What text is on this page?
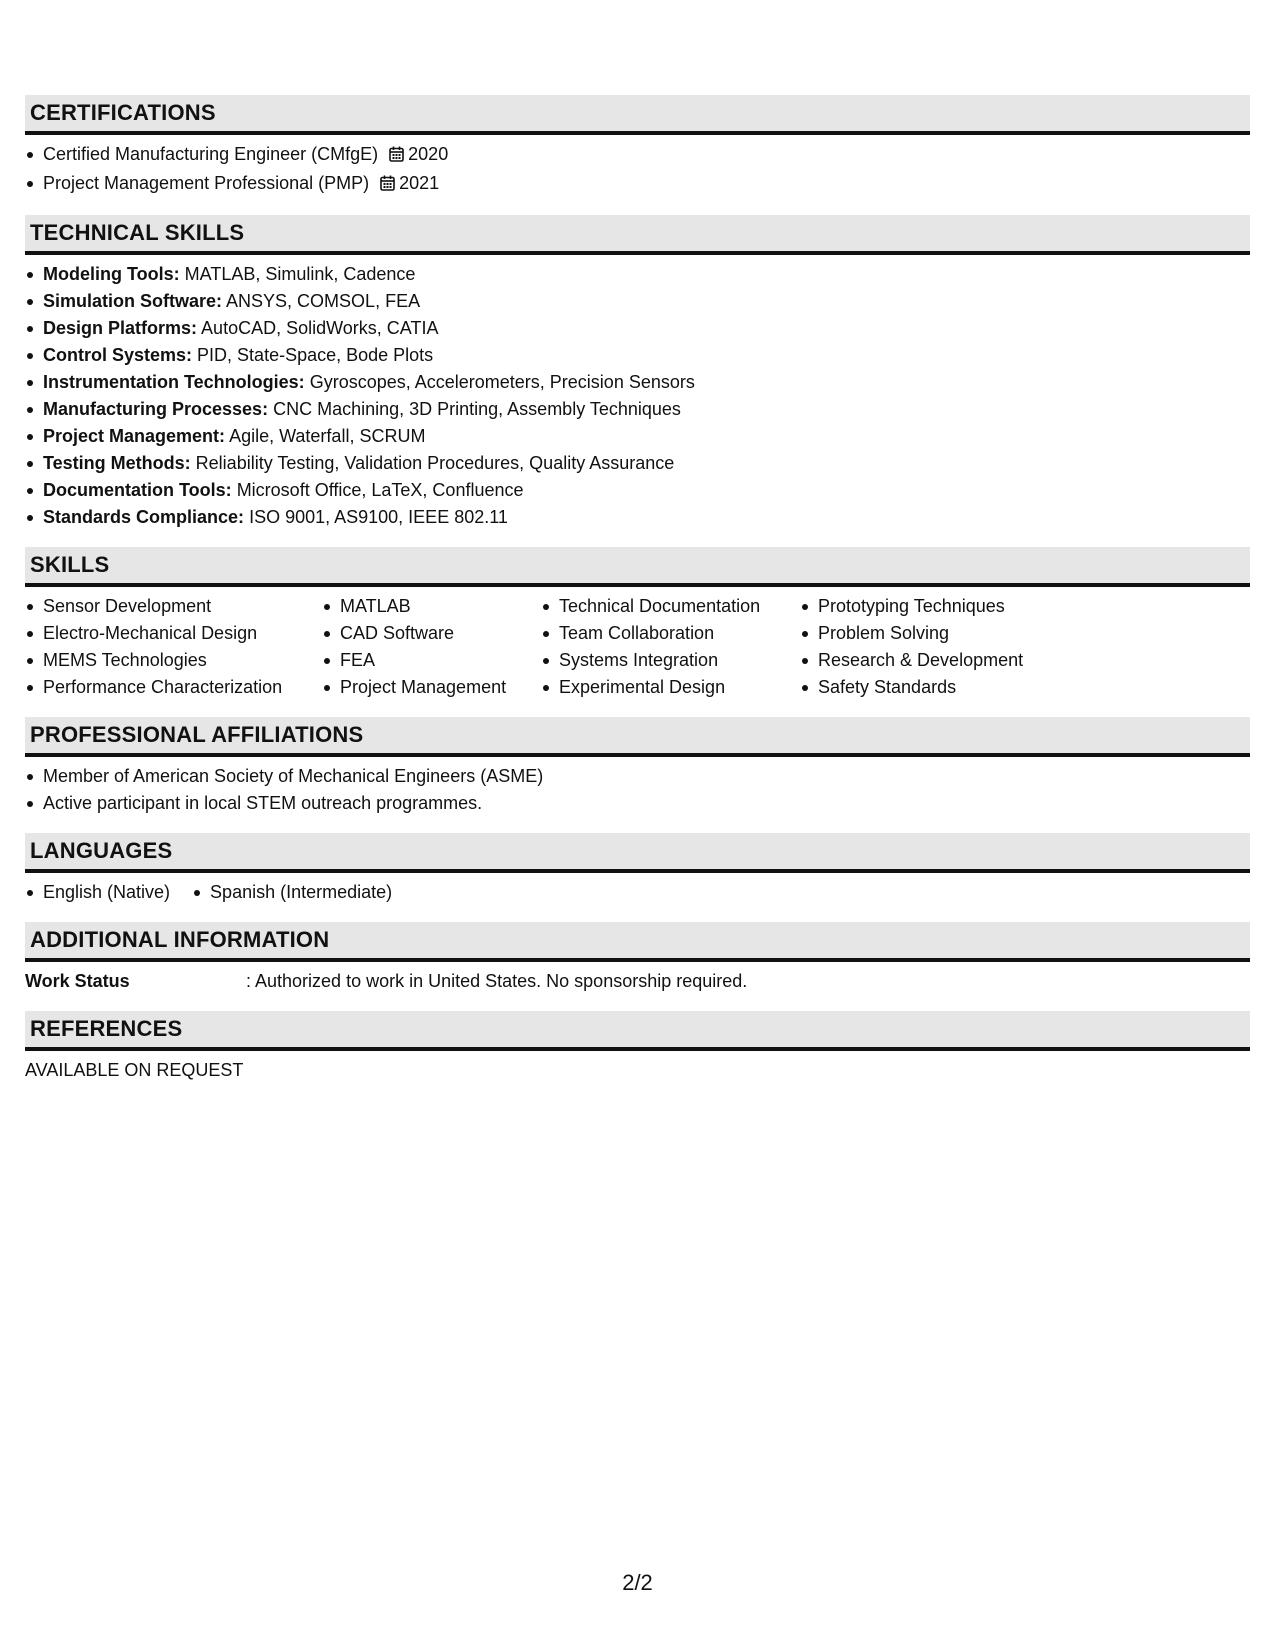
CERTIFICATIONS
Certified Manufacturing Engineer (CMfgE) 2020
Project Management Professional (PMP) 2021
TECHNICAL SKILLS
Modeling Tools: MATLAB, Simulink, Cadence
Simulation Software: ANSYS, COMSOL, FEA
Design Platforms: AutoCAD, SolidWorks, CATIA
Control Systems: PID, State-Space, Bode Plots
Instrumentation Technologies: Gyroscopes, Accelerometers, Precision Sensors
Manufacturing Processes: CNC Machining, 3D Printing, Assembly Techniques
Project Management: Agile, Waterfall, SCRUM
Testing Methods: Reliability Testing, Validation Procedures, Quality Assurance
Documentation Tools: Microsoft Office, LaTeX, Confluence
Standards Compliance: ISO 9001, AS9100, IEEE 802.11
SKILLS
Sensor Development
Electro-Mechanical Design
MEMS Technologies
Performance Characterization
MATLAB
CAD Software
FEA
Project Management
Technical Documentation
Team Collaboration
Systems Integration
Experimental Design
Prototyping Techniques
Problem Solving
Research & Development
Safety Standards
PROFESSIONAL AFFILIATIONS
Member of American Society of Mechanical Engineers (ASME)
Active participant in local STEM outreach programmes.
LANGUAGES
English (Native)	Spanish (Intermediate)
ADDITIONAL INFORMATION
Work Status	: Authorized to work in United States. No sponsorship required.
REFERENCES
AVAILABLE ON REQUEST
2/2
